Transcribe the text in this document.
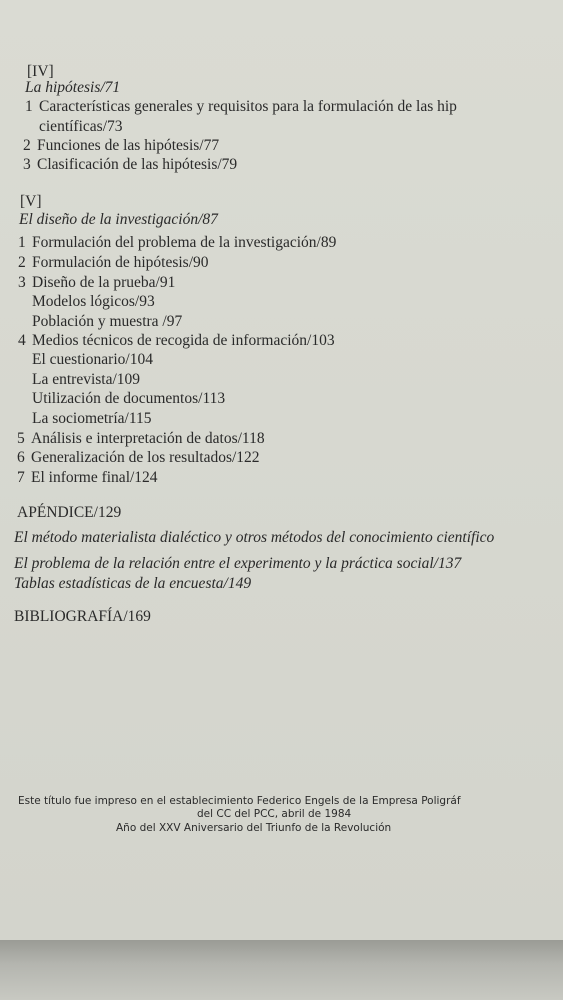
[IV]
La hipótesis/71
1 Características generales y requisitos para la formulación de las hip
científicas/73
2 Funciones de las hipótesis/77
3 Clasificación de las hipótesis/79
[V]
El diseño de la investigación/87
1 Formulación del problema de la investigación/89
2 Formulación de hipótesis/90
3 Diseño de la prueba/91
Modelos lógicos/93
Población y muestra /97
4 Medios técnicos de recogida de información/103
El cuestionario/104
La entrevista/109
Utilización de documentos/113
La sociometría/115
5 Análisis e interpretación de datos/118
6 Generalización de los resultados/122
7 El informe final/124
APÉNDICE/129
El método materialista dialéctico y otros métodos del conocimiento científico
El problema de la relación entre el experimento y la práctica social/137
Tablas estadísticas de la encuesta/149
BIBLIOGRAFÍA/169
Este título fue impreso en el establecimiento Federico Engels de la Empresa Poligráf
del CC del PCC, abril de 1984
Año del XXV Aniversario del Triunfo de la Revolución
